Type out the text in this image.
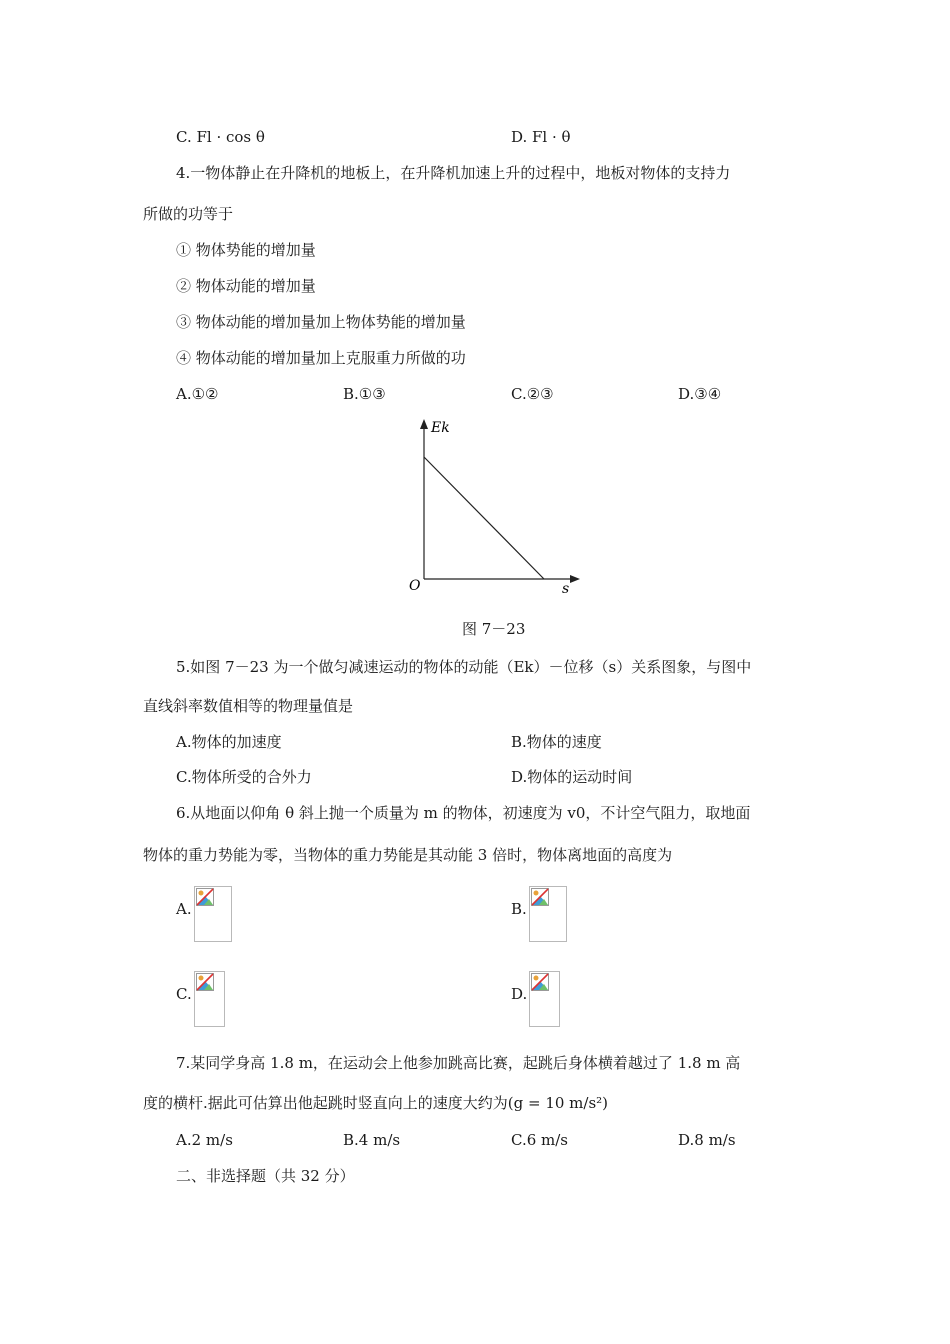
C. Fl · cos θ	D. Fl · θ
4.一物体静止在升降机的地板上，在升降机加速上升的过程中，地板对物体的支持力
所做的功等于
① 物体势能的增加量
② 物体动能的增加量
③ 物体动能的增加量加上物体势能的增加量
④ 物体动能的增加量加上克服重力所做的功
A.①②	B.①③	C.②③	D.③④
Ek
O	s
图 7－23
5.如图 7－23 为一个做匀减速运动的物体的动能（Ek）－位移（s）关系图象，与图中
直线斜率数值相等的物理量值是
A.物体的加速度	B.物体的速度
C.物体所受的合外力	D.物体的运动时间
6.从地面以仰角 θ 斜上抛一个质量为 m 的物体，初速度为 v0，不计空气阻力，取地面
物体的重力势能为零，当物体的重力势能是其动能 3 倍时，物体离地面的高度为
A.	B.
C.	D.
7.某同学身高 1.8 m，在运动会上他参加跳高比赛，起跳后身体横着越过了 1.8 m 高
度的横杆.据此可估算出他起跳时竖直向上的速度大约为(g = 10 m/s²)
A.2 m/s	B.4 m/s	C.6 m/s	D.8 m/s
二、非选择题（共 32 分）
